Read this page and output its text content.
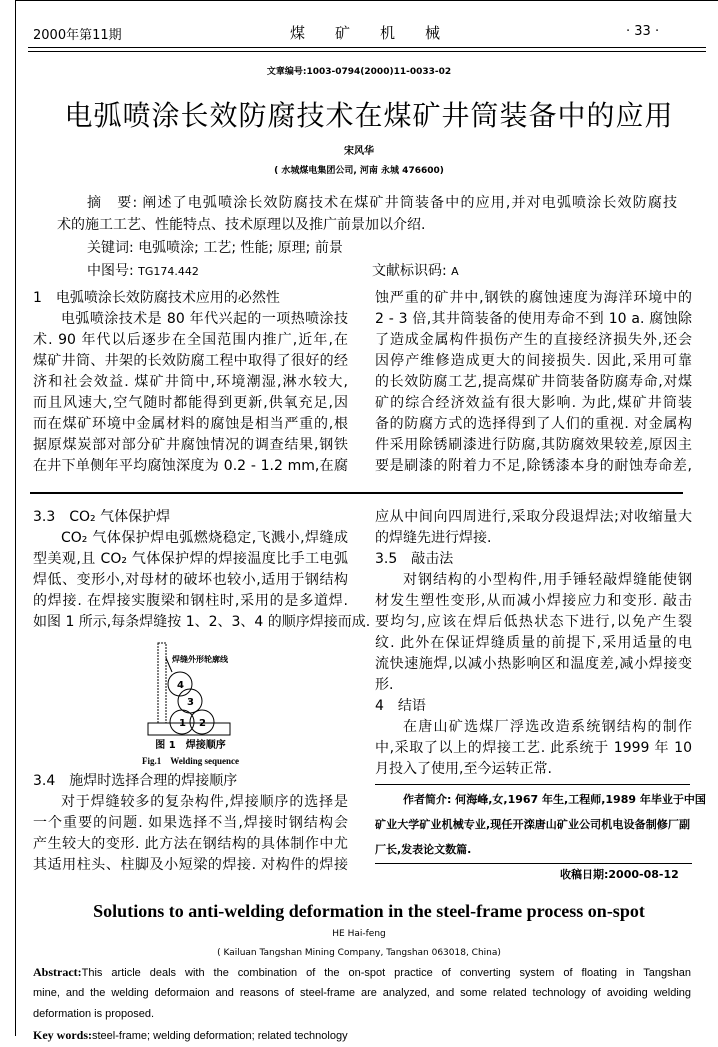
2000年第11期	煤　　矿　　机　　械	· 33 ·
文章编号:1003-0794(2000)11-0033-02
电弧喷涂长效防腐技术在煤矿井筒装备中的应用
宋风华
( 水城煤电集团公司, 河南 永城 476600)
摘　要: 阐述了电弧喷涂长效防腐技术在煤矿井筒装备中的应用,并对电弧喷涂长效防腐技
术的施工工艺、性能特点、技术原理以及推广前景加以介绍.
关键词: 电弧喷涂; 工艺; 性能; 原理; 前景
中图号: TG174.442	文献标识码: A
1　电弧喷涂长效防腐技术应用的必然性
电弧喷涂技术是 80 年代兴起的一项热喷涂技
术. 90 年代以后逐步在全国范围内推广,近年,在
煤矿井筒、井架的长效防腐工程中取得了很好的经
济和社会效益. 煤矿井筒中,环境潮湿,淋水较大,
而且风速大,空气随时都能得到更新,供氧充足,因
而在煤矿环境中金属材料的腐蚀是相当严重的,根
据原煤炭部对部分矿井腐蚀情况的调查结果,钢铁
在井下单侧年平均腐蚀深度为 0.2 - 1.2 mm,在腐
蚀严重的矿井中,钢铁的腐蚀速度为海洋环境中的
2 - 3 倍,其井筒装备的使用寿命不到 10 a. 腐蚀除
了造成金属构件损伤产生的直接经济损失外,还会
因停产维修造成更大的间接损失. 因此,采用可靠
的长效防腐工艺,提高煤矿井筒装备防腐寿命,对煤
矿的综合经济效益有很大影响. 为此,煤矿井筒装
备的防腐方式的选择得到了人们的重视. 对金属构
件采用除锈刷漆进行防腐,其防腐效果较差,原因主
要是刷漆的附着力不足,除锈漆本身的耐蚀寿命差,
3.3　CO₂ 气体保护焊
CO₂ 气体保护焊电弧燃烧稳定,飞溅小,焊缝成
型美观,且 CO₂ 气体保护焊的焊接温度比手工电弧
焊低、变形小,对母材的破坏也较小,适用于钢结构
的焊接. 在焊接实腹梁和钢柱时,采用的是多道焊.
如图 1 所示,每条焊缝按 1、2、3、4 的顺序焊接而成.
1 2
3
4
焊缝外形轮廓线
图 1　焊接顺序
Fig.1　Welding sequence
3.4　施焊时选择合理的焊接顺序
对于焊缝较多的复杂构件,焊接顺序的选择是
一个重要的问题. 如果选择不当,焊接时钢结构会
产生较大的变形. 此方法在钢结构的具体制作中尤
其适用柱头、柱脚及小短梁的焊接. 对构件的焊接
应从中间向四周进行,采取分段退焊法;对收缩量大
的焊缝先进行焊接.
3.5　敲击法
对钢结构的小型构件,用手锤轻敲焊缝能使钢
材发生塑性变形,从而减小焊接应力和变形. 敲击
要均匀,应该在焊后低热状态下进行,以免产生裂
纹. 此外在保证焊缝质量的前提下,采用适量的电
流快速施焊,以减小热影响区和温度差,减小焊接变
形.
4　结语
在唐山矿选煤厂浮选改造系统钢结构的制作
中,采取了以上的焊接工艺. 此系统于 1999 年 10
月投入了使用,至今运转正常.
作者简介: 何海峰,女,1967 年生,工程师,1989 年毕业于中国
矿业大学矿业机械专业,现任开滦唐山矿业公司机电设备制修厂副
厂长,发表论文数篇.
收稿日期:2000-08-12
Solutions to anti-welding deformation in the steel-frame process on-spot
HE Hai-feng
( Kailuan Tangshan Mining Company, Tangshan 063018, China)
Abstract:This article deals with the combination of the on-spot practice of converting system of floating in Tangshan
mine, and the welding deformaion and reasons of steel-frame are analyzed, and some related technology of avoiding welding
deformation is proposed.
Key words:steel-frame; welding deformation; related technology
